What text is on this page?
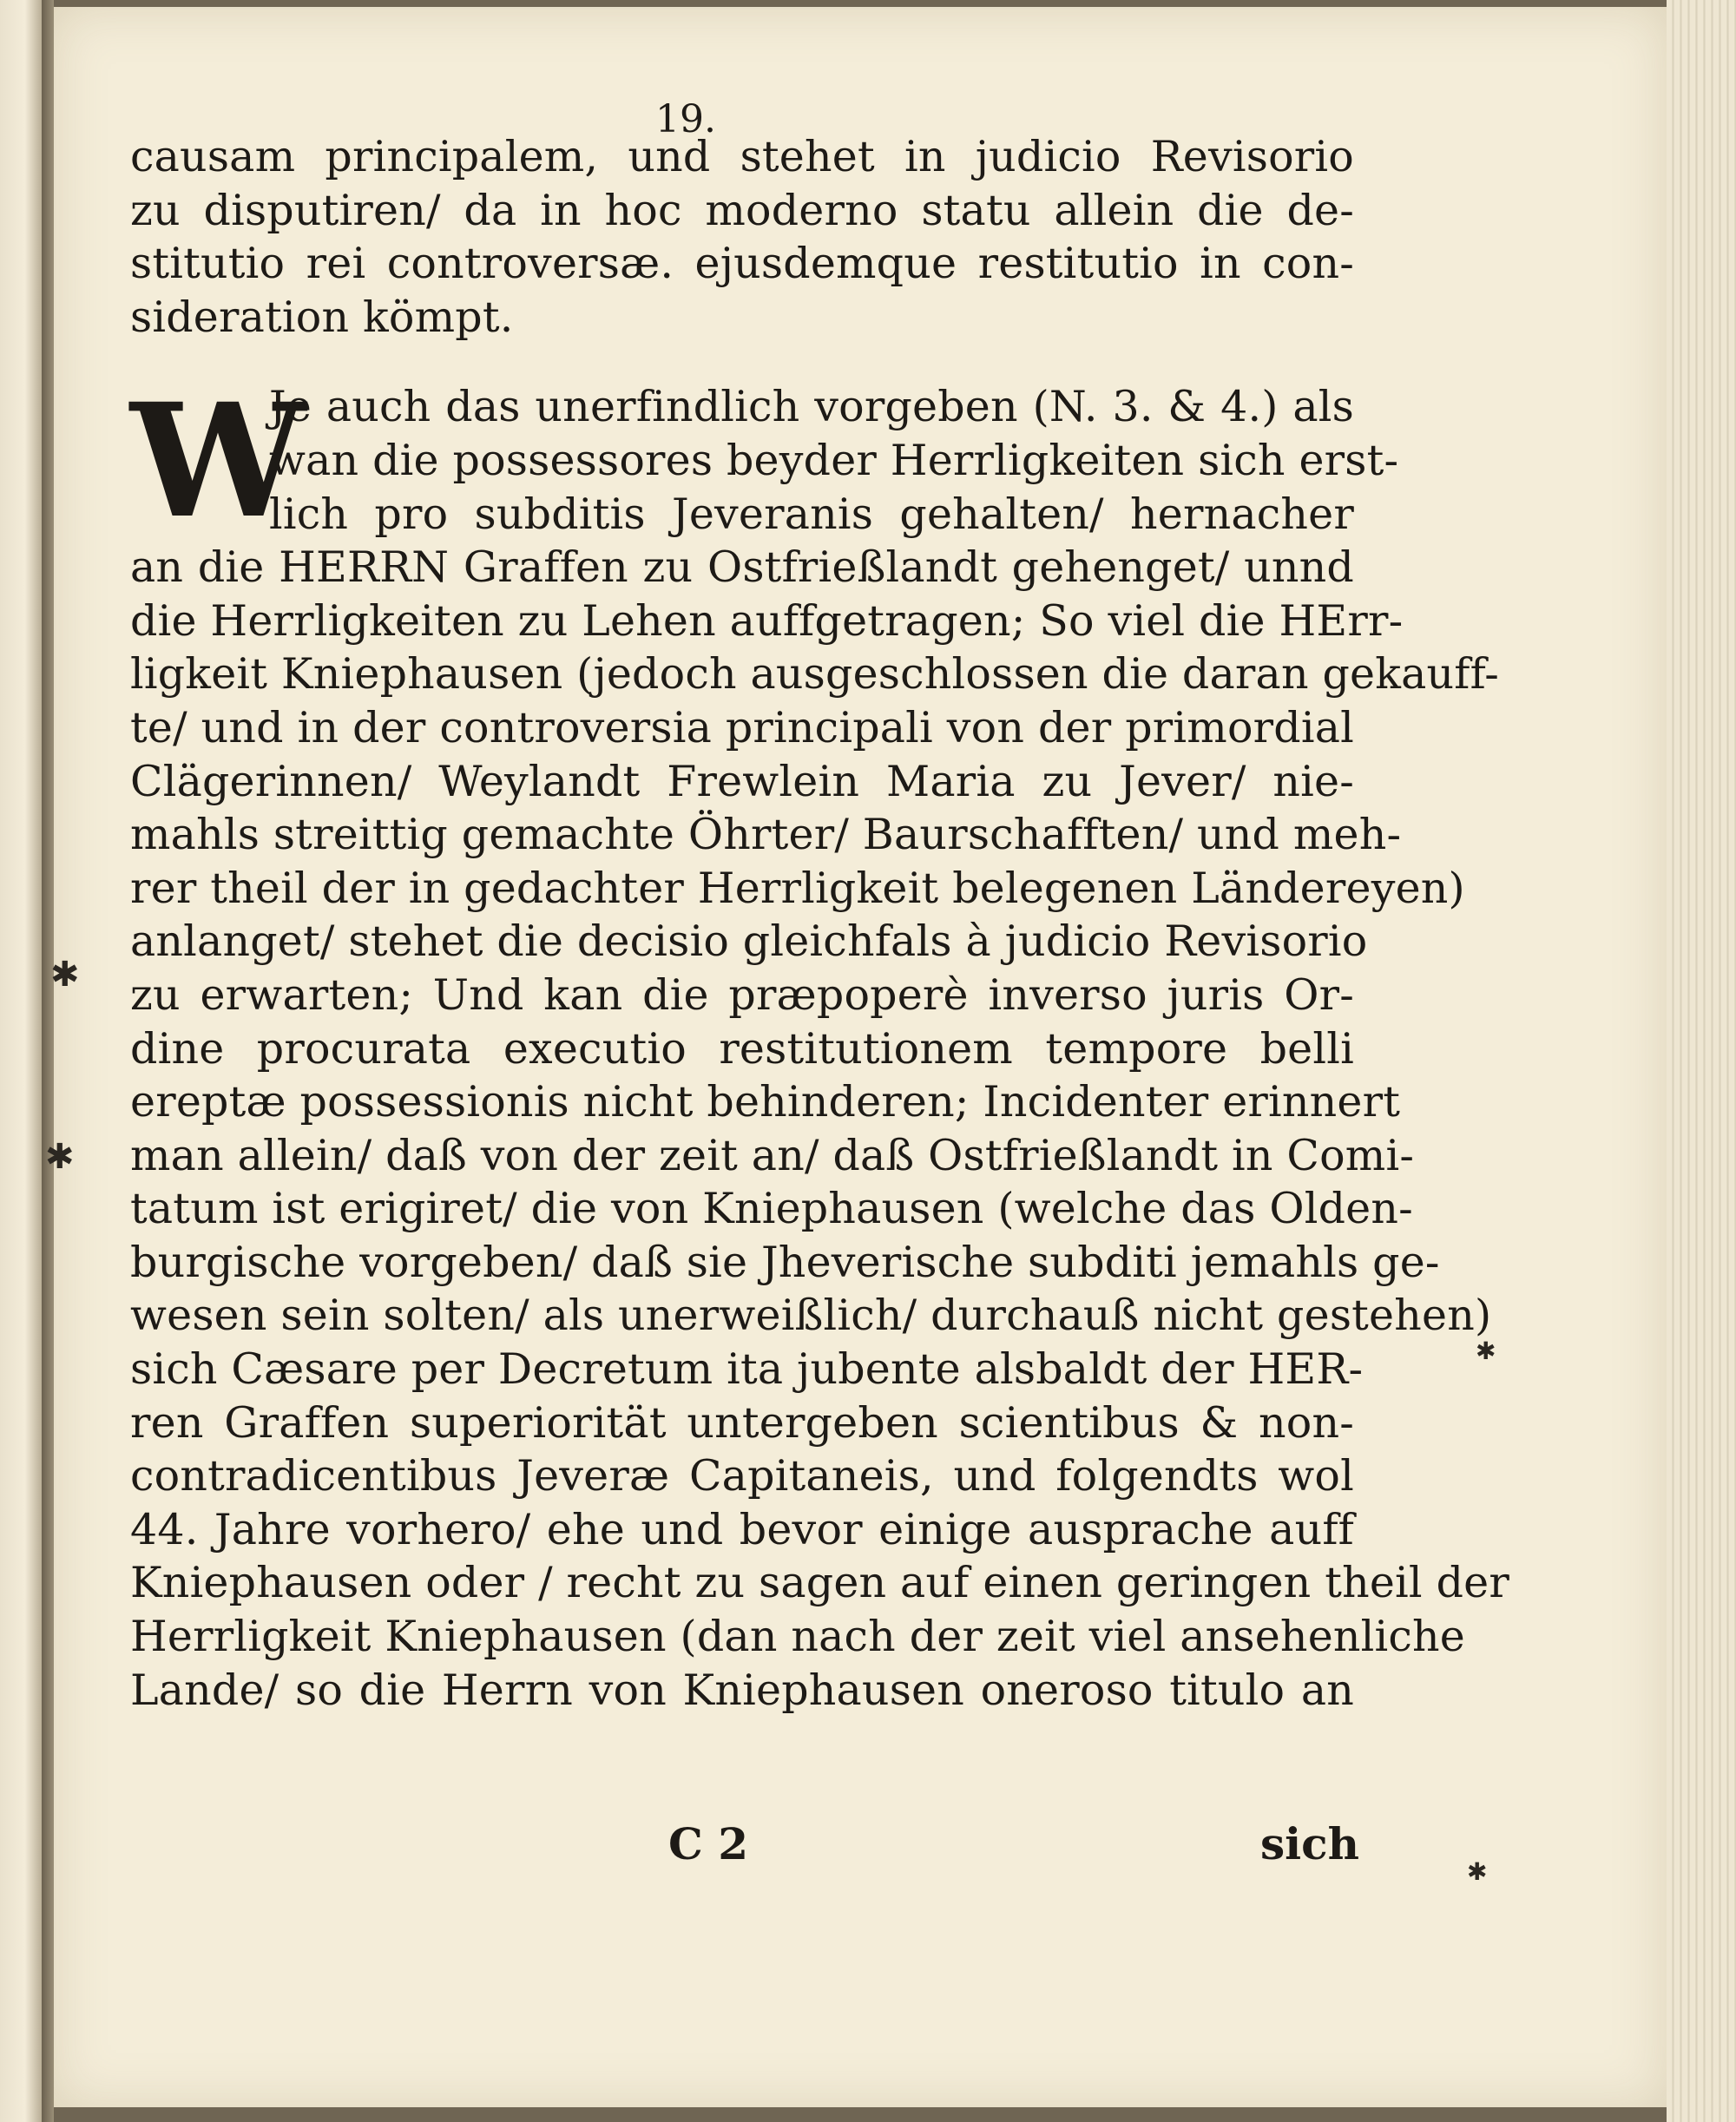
19.
causam principalem, und stehet in judicio Revisorio
zu disputiren/ da in hoc moderno statu allein die de-
stitutio rei controversæ. ejusdemque restitutio in con-
sideration kömpt.
W
Je auch das unerfindlich vorgeben (N. 3. & 4.) als
wan die possessores beyder Herrligkeiten sich erst-
lich pro subditis Jeveranis gehalten/ hernacher
an die HERRN Graffen zu Ostfrießlandt gehenget/ unnd
die Herrligkeiten zu Lehen auffgetragen; So viel die HErr-
ligkeit Kniephausen (jedoch ausgeschlossen die daran gekauff-
te/ und in der controversia principali von der primordial
Clägerinnen/ Weylandt Frewlein Maria zu Jever/ nie-
mahls streittig gemachte Öhrter/ Baurschafften/ und meh-
rer theil der in gedachter Herrligkeit belegenen Ländereyen)
anlanget/ stehet die decisio gleichfals à judicio Revisorio
zu erwarten; Und kan die præpoperè inverso juris Or-
dine procurata executio restitutionem tempore belli
ereptæ possessionis nicht behinderen; Incidenter erinnert
man allein/ daß von der zeit an/ daß Ostfrießlandt in Comi-
tatum ist erigiret/ die von Kniephausen (welche das Olden-
burgische vorgeben/ daß sie Jheverische subditi jemahls ge-
wesen sein solten/ als unerweißlich/ durchauß nicht gestehen)
sich Cæsare per Decretum ita jubente alsbaldt der HER-
ren Graffen superiorität untergeben scientibus & non-
contradicentibus Jeveræ Capitaneis, und folgendts wol
44. Jahre vorhero/ ehe und bevor einige ausprache auff
Kniephausen oder / recht zu sagen auf einen geringen theil der
Herrligkeit Kniephausen (dan nach der zeit viel ansehenliche
Lande/ so die Herrn von Kniephausen oneroso titulo an
C 2	sich
✱
✱
✱
✱
